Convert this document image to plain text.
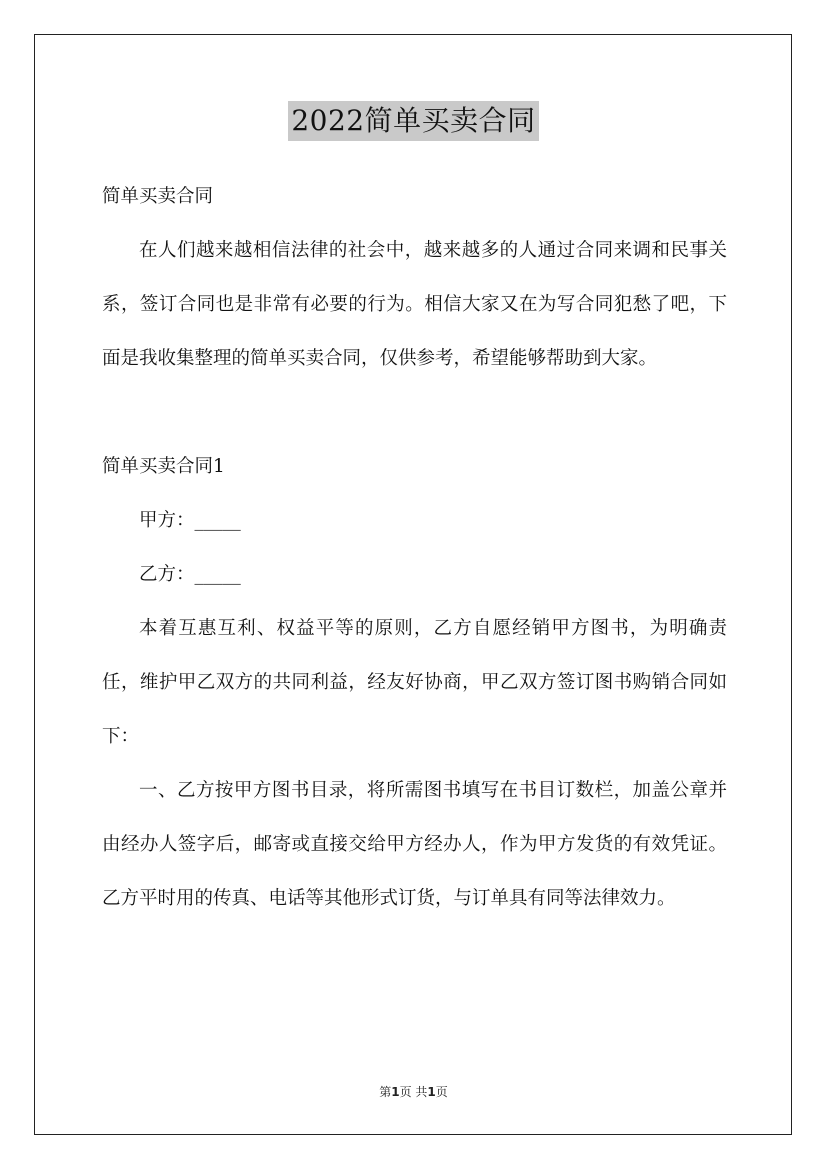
2022简单买卖合同

简单买卖合同

在人们越来越相信法律的社会中，越来越多的人通过合同来调和民事关系，签订合同也是非常有必要的行为。相信大家又在为写合同犯愁了吧，下面是我收集整理的简单买卖合同，仅供参考，希望能够帮助到大家。

简单买卖合同1

甲方：_____

乙方：_____

本着互惠互利、权益平等的原则，乙方自愿经销甲方图书，为明确责任，维护甲乙双方的共同利益，经友好协商，甲乙双方签订图书购销合同如下：

一、乙方按甲方图书目录，将所需图书填写在书目订数栏，加盖公章并由经办人签字后，邮寄或直接交给甲方经办人，作为甲方发货的有效凭证。乙方平时用的传真、电话等其他形式订货，与订单具有同等法律效力。

第1页 共1页
